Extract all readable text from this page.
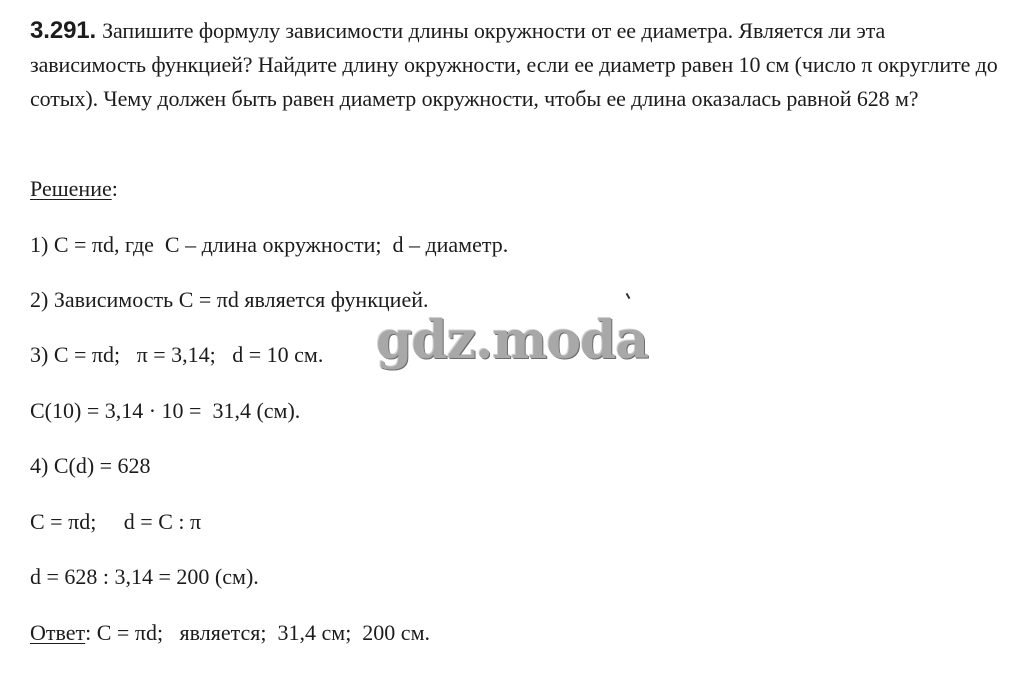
3.291. Запишите формулу зависимости длины окружности от ее диаметра. Является ли эта зависимость функцией? Найдите длину окружности, если ее диаметр равен 10 см (число π округлите до сотых). Чему должен быть равен диаметр окружности, чтобы ее длина оказалась равной 628 м?
Решение:
1) C = πd, где  C – длина окружности;  d – диаметр.
2) Зависимость C = πd является функцией.
3) C = πd;   π = 3,14;   d = 10 см.
C(10) = 3,14 · 10 =  31,4 (см).
4) C(d) = 628
C = πd;     d = C : π
d = 628 : 3,14 = 200 (см).
Ответ: C = πd;   является;  31,4 см;  200 см.
gdz.moda
